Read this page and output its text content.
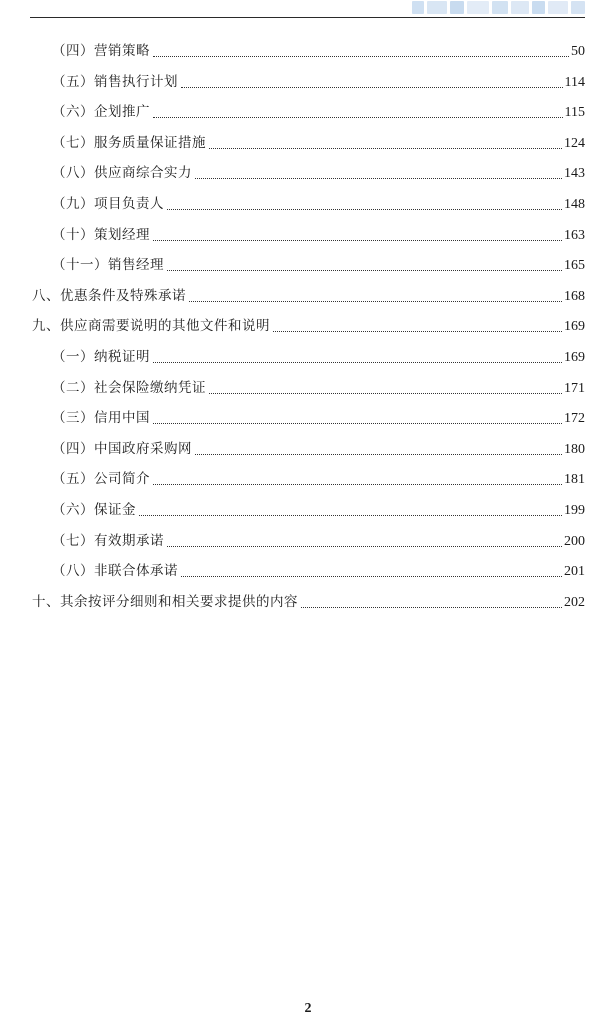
（四）营销策略	50
（五）销售执行计划	114
（六）企划推广	115
（七）服务质量保证措施	124
（八）供应商综合实力	143
（九）项目负责人	148
（十）策划经理	163
（十一）销售经理	165
八、优惠条件及特殊承诺	168
九、供应商需要说明的其他文件和说明	169
（一）纳税证明	169
（二）社会保险缴纳凭证	171
（三）信用中国	172
（四）中国政府采购网	180
（五）公司简介	181
（六）保证金	199
（七）有效期承诺	200
（八）非联合体承诺	201
十、其余按评分细则和相关要求提供的内容	202
2
